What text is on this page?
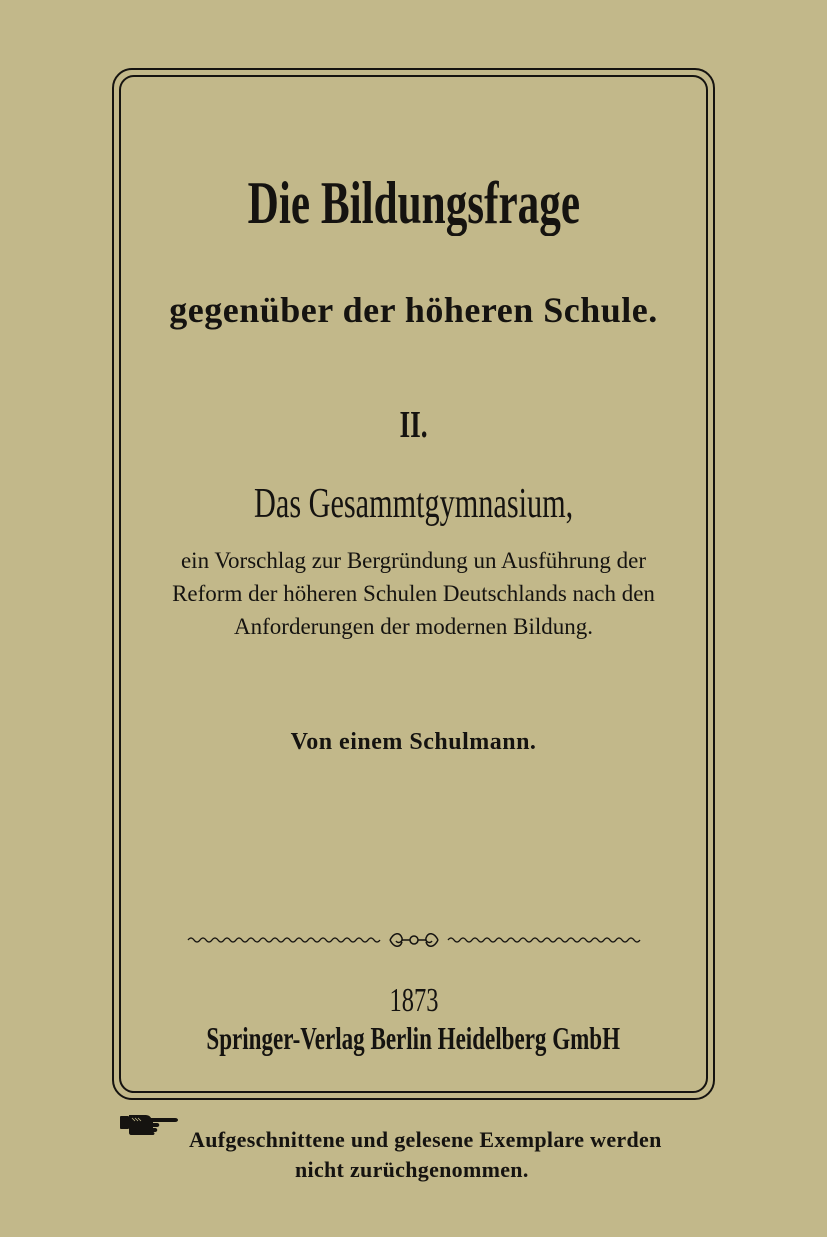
Die Bildungsfrage

gegenüber der höheren Schule.

II.

Das Gesammtgymnasium,

ein Vorschlag zur Bergründung un Ausführung der

Reform der höheren Schulen Deutschlands nach den

Anforderungen der modernen Bildung.

Von einem Schulmann.

1873

Springer-Verlag Berlin Heidelberg GmbH

Aufgeschnittene und gelesene Exemplare werden

nicht zurüchgenommen.
